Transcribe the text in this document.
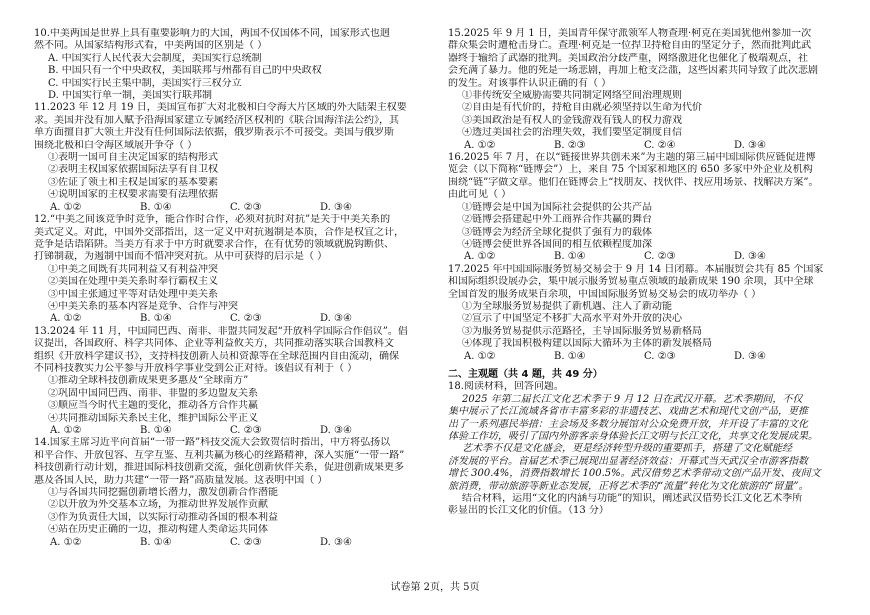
10.中美两国是世界上具有重要影响力的大国，两国不仅国体不同，国家形式也迥
然不同。从国家结构形式看，中美两国的区别是（ ）
A. 中国实行人民代表大会制度，美国实行总统制
B. 中国只有一个中央政权，美国联邦与州都有自己的中央政权
C. 中国实行民主集中制，美国实行三权分立
D. 中国实行单一制，美国实行联邦制
11.2023 年 12 月 19 日，美国宣布扩大对北极和白令海大片区域的外大陆架主权要
求。美国并没有加入赋予沿海国家建立专属经济区权利的《联合国海洋法公约》，其
单方面擅自扩大领土并没有任何国际法依据，俄罗斯表示不可接受。美国与俄罗斯
围绕北极和白令海区域展开争夺（ ）
①表明一国可自主决定国家的结构形式
②表明主权国家依据国际法享有自卫权
③佐证了领土和主权是国家的基本要素
④说明国家的主权要求需要有法理依据
A. ①②	B. ①④	C. ②③	D. ③④
12.“中美之间该竞争时竞争，能合作时合作，必须对抗时对抗”是关于中美关系的
美式定义。对此，中国外交部指出，这一定义中对抗遏制是本质，合作是权宜之计，
竞争是话语陷阱。当美方有求于中方时就要求合作，在有优势的领域就脱钩断供、
打锑制裁，为遏制中国而不惜冲突对抗。从中可获得的启示是（ ）
①中美之间既有共同利益又有利益冲突
②美国在处理中美关系时奉行霸权主义
③中国主张通过平等对话处理中美关系
④中美关系的基本内容是竞争、合作与冲突
A. ①②	B. ①④	C. ②③	D. ③④
13.2024 年 11 月，中国同巴西、南非、非盟共同发起“开放科学国际合作倡议”。倡
议提出，各国政府、科学共同体、企业等利益攸关方，共同推动落实联合国教科文
组织《开放科学建议书》，支持科技创新人员和资源等在全球范围内自由流动，确保
不同科技教实力公平参与开放科学事业受到公正对待。该倡议有利于（ ）
①推动全球科技创新成果更多惠及“全球南方”
②巩固中国同巴西、南非、非盟的多边盟友关系
③顺应当今时代主题的变化，推动各方合作共赢
④共同推动国际关系民主化，维护国际公平正义
A. ①②	B. ①④	C. ②③	D. ③④
14.国家主席习近平向首届“一带一路”科技交流大会致贺信时指出，中方将弘扬以
和平合作、开放包容、互学互鉴、互利共赢为核心的丝路精神，深入实施“一带一路”
科技创新行动计划，推进国际科技创新交流，强化创新伙伴关系，促进创新成果更多
惠及各国人民，助力共建“一带一路”高质量发展。这表明中国（ ）
①与各国共同挖掘创新增长潜力，激发创新合作潜能
②以开放为外交基本立场，为推动世界发展作贡献
③作为负责任大国，以实际行动推动各国的根本利益
④站在历史正确的一边，推动构建人类命运共同体
A. ①②	B. ①④	C. ②③	D. ③④
15.2025 年 9 月 1 日，美国青年保守派领军人物查理·柯克在美国犹他州参加一次
群众集会时遭枪击身亡。查理·柯克是一位捍卫持枪自由的坚定分子，然而批判此武
器终于输给了武器的批判。美国政治分歧严重，网络激进化也催化了极端观点，社
会充满了暴力。他的死是一场悲剧，再加上枪支泛滥，这些因素共同导致了此次悲剧
的发生。对该事件认识正确的有（ ）
①非传统安全威胁需要共同制定网络空间治理规则
②自由是有代价的，持枪自由就必须坚持以生命为代价
③美国政治是有权人的金钱游戏有钱人的权力游戏
④透过美国社会的治理失效，我们要坚定制度自信
A. ①②	B. ②③	C. ②④	D. ③④
16.2025 年 7 月，在以“链接世界共创未来”为主题的第三届中国国际供应链促进博
览会（以下简称“链博会”）上，来自 75 个国家和地区的 650 多家中外企业及机构
围绕“链”字做文章。他们在链博会上“找朋友、找伙伴、找应用场景、找解决方案”。
由此可见（ ）
①链博会是中国为国际社会提供的公共产品
②链博会搭建起中外工商界合作共赢的舞台
③链博会为经济全球化提供了强有力的载体
④链博会使世界各国间的相互依赖程度加深
A. ①②	B. ①④	C. ②③	D. ③④
17.2025 年中国国际服务贸易交易会于 9 月 14 日闭幕。本届服贸会共有 85 个国家
和国际组织设展办会，集中展示服务贸易重点领域的最新成果 190 余项，其中全球
全国首发的服务成果百余项，中国国际服务贸易交易会的成功举办（ ）
①为全球服务贸易提供了新机遇、注入了新动能
②宣示了中国坚定不移扩大高水平对外开放的决心
③为服务贸易提供示范路径，主导国际服务贸易新格局
④体现了我国积极构建以国际大循环为主体的新发展格局
A. ①②	B. ①④	C. ②③	D. ③④
二、主观题（共 4 题，共 49 分）
18.阅读材料，回答问题。
2025 年第二届长江文化艺术季于 9 月 12 日在武汉开幕。艺术季期间，不仅
集中展示了长江流域各省市丰富多彩的非遗技艺、戏曲艺术和现代文创产品，更推
出了一系列惠民举措：主会场及多数分展馆对公众免费开放，并开设了丰富的文化
体验工作坊，吸引了国内外游客亲身体验长江文明与长江文化，共享文化发展成果。
艺术季不仅是文化盛会，更是经济转型升级的重要抓手，搭建了文化赋能经
济发展的平台。首届艺术季已展现出显著经济效益：开幕式当天武汉全市游客指数
增长 300.4%，消费指数增长 100.5%。武汉借势艺术季带动文创产品开发、夜间文
旅消费，带动旅游等新业态发展，正将艺术季的“流量”转化为文化旅游的“留量”。
结合材料，运用“文化的内涵与功能”的知识，阐述武汉借势长江文化艺术季所
彰显出的长江文化的价值。（13 分）
试卷第 2页，共 5页
